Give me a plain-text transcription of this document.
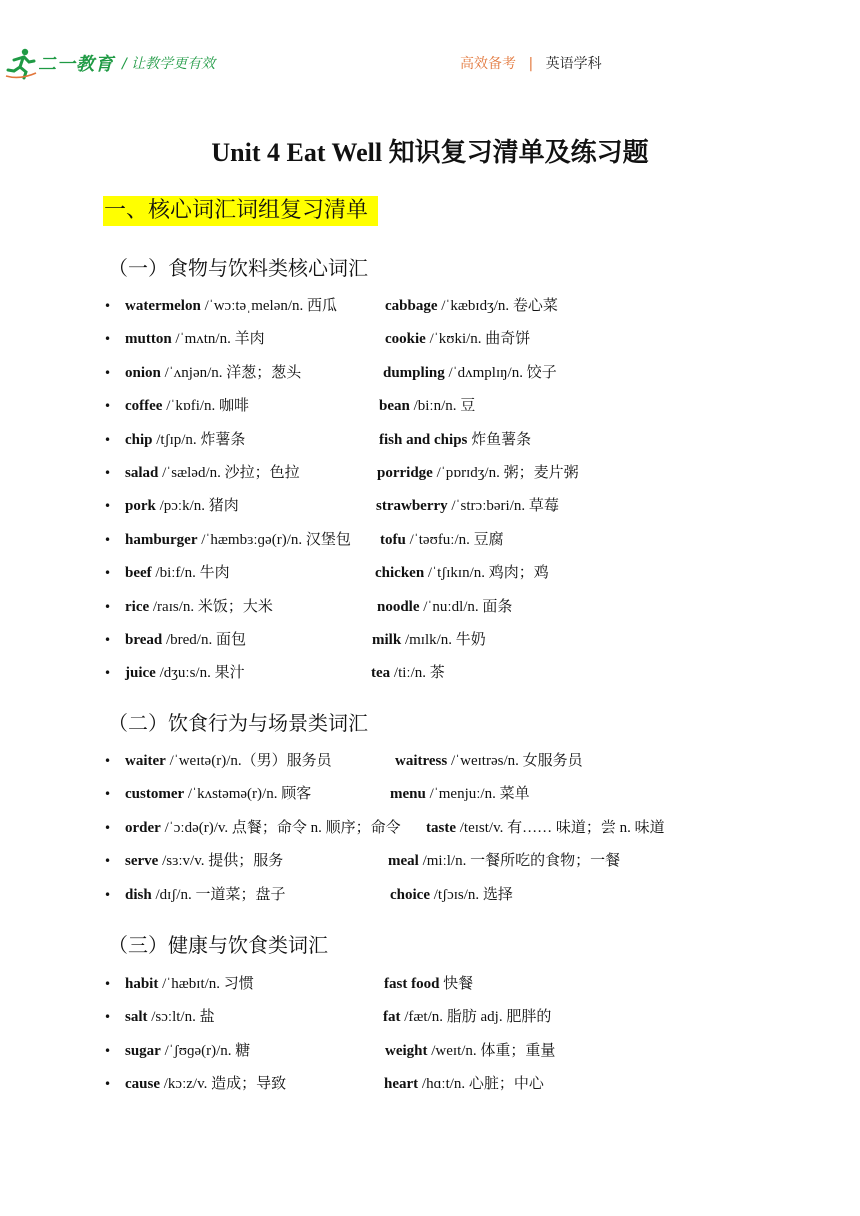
二一教育 / 让教学更有效	高效备考 | 英语学科
Unit 4 Eat Well 知识复习清单及练习题
一、核心词汇词组复习清单
（一）食物与饮料类核心词汇
• watermelon /ˈwɔːtəˌmelən/n. 西瓜	cabbage /ˈkæbɪdʒ/n. 卷心菜
• mutton /ˈmʌtn/n. 羊肉	cookie /ˈkʊki/n. 曲奇饼
• onion /ˈʌnjən/n. 洋葱；葱头	dumpling /ˈdʌmplɪŋ/n. 饺子
• coffee /ˈkɒfi/n. 咖啡	bean /biːn/n. 豆
• chip /tʃɪp/n. 炸薯条	fish and chips 炸鱼薯条
• salad /ˈsæləd/n. 沙拉；色拉	porridge /ˈpɒrɪdʒ/n. 粥；麦片粥
• pork /pɔːk/n. 猪肉	strawberry /ˈstrɔːbəri/n. 草莓
• hamburger /ˈhæmbɜːɡə(r)/n. 汉堡包 tofu /ˈtəʊfuː/n. 豆腐
• beef /biːf/n. 牛肉	chicken /ˈtʃɪkɪn/n. 鸡肉；鸡
• rice /raɪs/n. 米饭；大米	noodle /ˈnuːdl/n. 面条
• bread /bred/n. 面包	milk /mɪlk/n. 牛奶
• juice /dʒuːs/n. 果汁	tea /tiː/n. 茶
（二）饮食行为与场景类词汇
• waiter /ˈweɪtə(r)/n.（男）服务员	waitress /ˈweɪtrəs/n. 女服务员
• customer /ˈkʌstəmə(r)/n. 顾客	menu /ˈmenjuː/n. 菜单
• order /ˈɔːdə(r)/v. 点餐；命令 n. 顺序；命令 taste /teɪst/v. 有…… 味道；尝 n. 味道
• serve /sɜːv/v. 提供；服务	meal /miːl/n. 一餐所吃的食物；一餐
• dish /dɪʃ/n. 一道菜；盘子	choice /tʃɔɪs/n. 选择
（三）健康与饮食类词汇
• habit /ˈhæbɪt/n. 习惯	fast food 快餐
• salt /sɔːlt/n. 盐	fat /fæt/n. 脂肪 adj. 肥胖的
• sugar /ˈʃʊɡə(r)/n. 糖	weight /weɪt/n. 体重；重量
• cause /kɔːz/v. 造成；导致	heart /hɑːt/n. 心脏；中心
